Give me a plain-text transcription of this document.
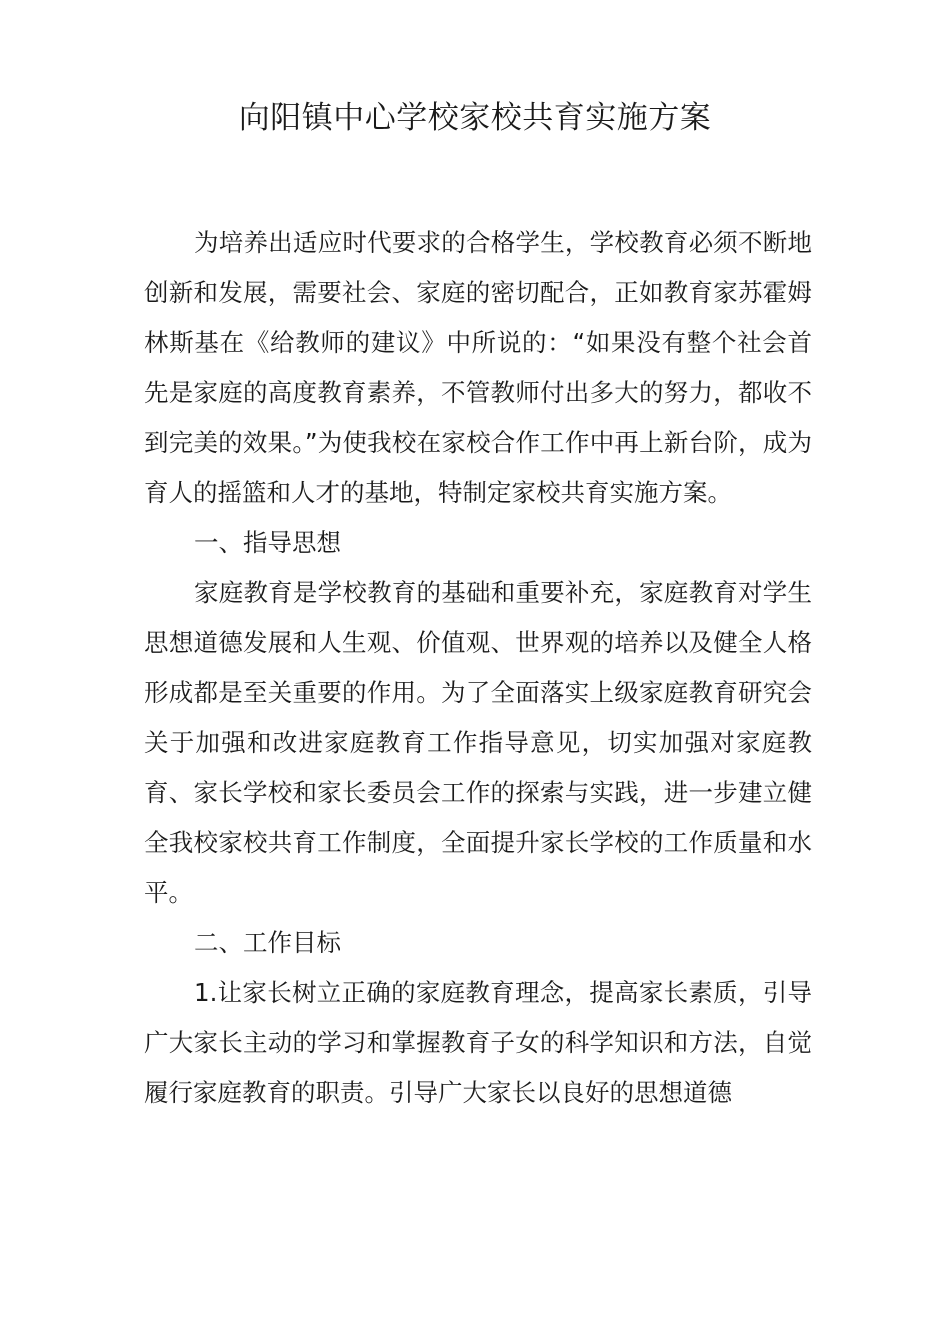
向阳镇中心学校家校共育实施方案

为培养出适应时代要求的合格学生，学校教育必须不断地创新和发展，需要社会、家庭的密切配合，正如教育家苏霍姆林斯基在《给教师的建议》中所说的：“如果没有整个社会首先是家庭的高度教育素养，不管教师付出多大的努力，都收不到完美的效果。”为使我校在家校合作工作中再上新台阶，成为育人的摇篮和人才的基地，特制定家校共育实施方案。

一、指导思想

家庭教育是学校教育的基础和重要补充，家庭教育对学生思想道德发展和人生观、价值观、世界观的培养以及健全人格形成都是至关重要的作用。为了全面落实上级家庭教育研究会关于加强和改进家庭教育工作指导意见，切实加强对家庭教育、家长学校和家长委员会工作的探索与实践，进一步建立健全我校家校共育工作制度，全面提升家长学校的工作质量和水平。

二、工作目标

1.让家长树立正确的家庭教育理念，提高家长素质，引导广大家长主动的学习和掌握教育子女的科学知识和方法，自觉履行家庭教育的职责。引导广大家长以良好的思想道德
